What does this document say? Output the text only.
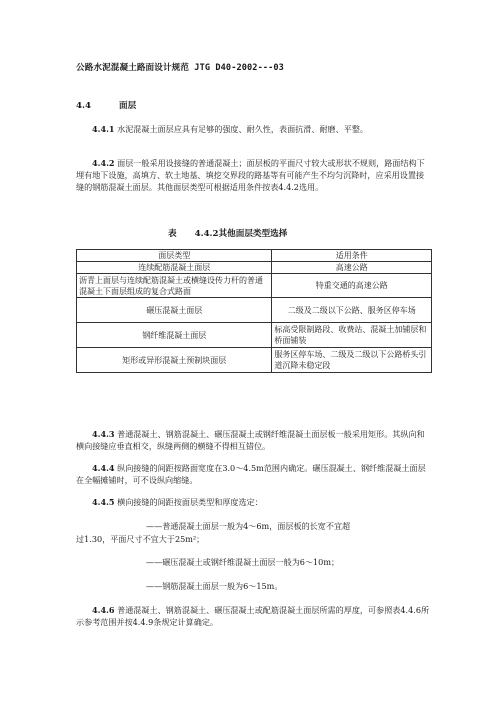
公路水泥混凝土路面设计规范 JTG D40-2002---03
4.4	面层
4.4.1 水泥混凝土面层应具有足够的强度、耐久性，表面抗滑、耐磨、平整。
4.4.2 面层一般采用设接缝的普通混凝土；面层板的平面尺寸较大或形状不规则，路面结构下埋有地下设施，高填方、软土地基、填挖交界段的路基等有可能产生不均匀沉降时，应采用设置接缝的钢筋混凝土面层。其他面层类型可根据适用条件按表4.4.2选用。
表 4.4.2其他面层类型选择
面层类型	适用条件
连续配筋混凝土面层	高速公路
沥青上面层与连续配筋混凝土或横缝设传力杆的普通混凝土下面层组成的复合式路面	特重交通的高速公路
碾压混凝土面层	二级及二级以下公路、服务区停车场
钢纤维混凝土面层	标高受限制路段、收费站、混凝土加铺层和桥面铺装
矩形或异形混凝土预制块面层	服务区停车场、二级及二级以下公路桥头引道沉降未稳定段
4.4.3 普通混凝土、钢筋混凝土、碾压混凝土或钢纤维混凝土面层板一般采用矩形。其纵向和横向接缝应垂直相交，纵缝两侧的横缝不得相互错位。
4.4.4 纵向接缝的间距按路面宽度在3.0～4.5m范围内确定。碾压混凝土、钢纤维混凝土面层在全幅摊铺时，可不设纵向缩缝。
4.4.5 横向接缝的间距按面层类型和厚度选定：
——普通混凝土面层一般为4～6m，面层板的长宽不宜超
过1.30，平面尺寸不宜大于25m²；
——碾压混凝土或钢纤维混凝土面层一般为6～10m；
——钢筋混凝土面层一般为6～15m。
4.4.6 普通混凝土、钢筋混凝土、碾压混凝土或配筋混凝土面层所需的厚度，可参照表4.4.6所示参考范围并按4.4.9条规定计算确定。
